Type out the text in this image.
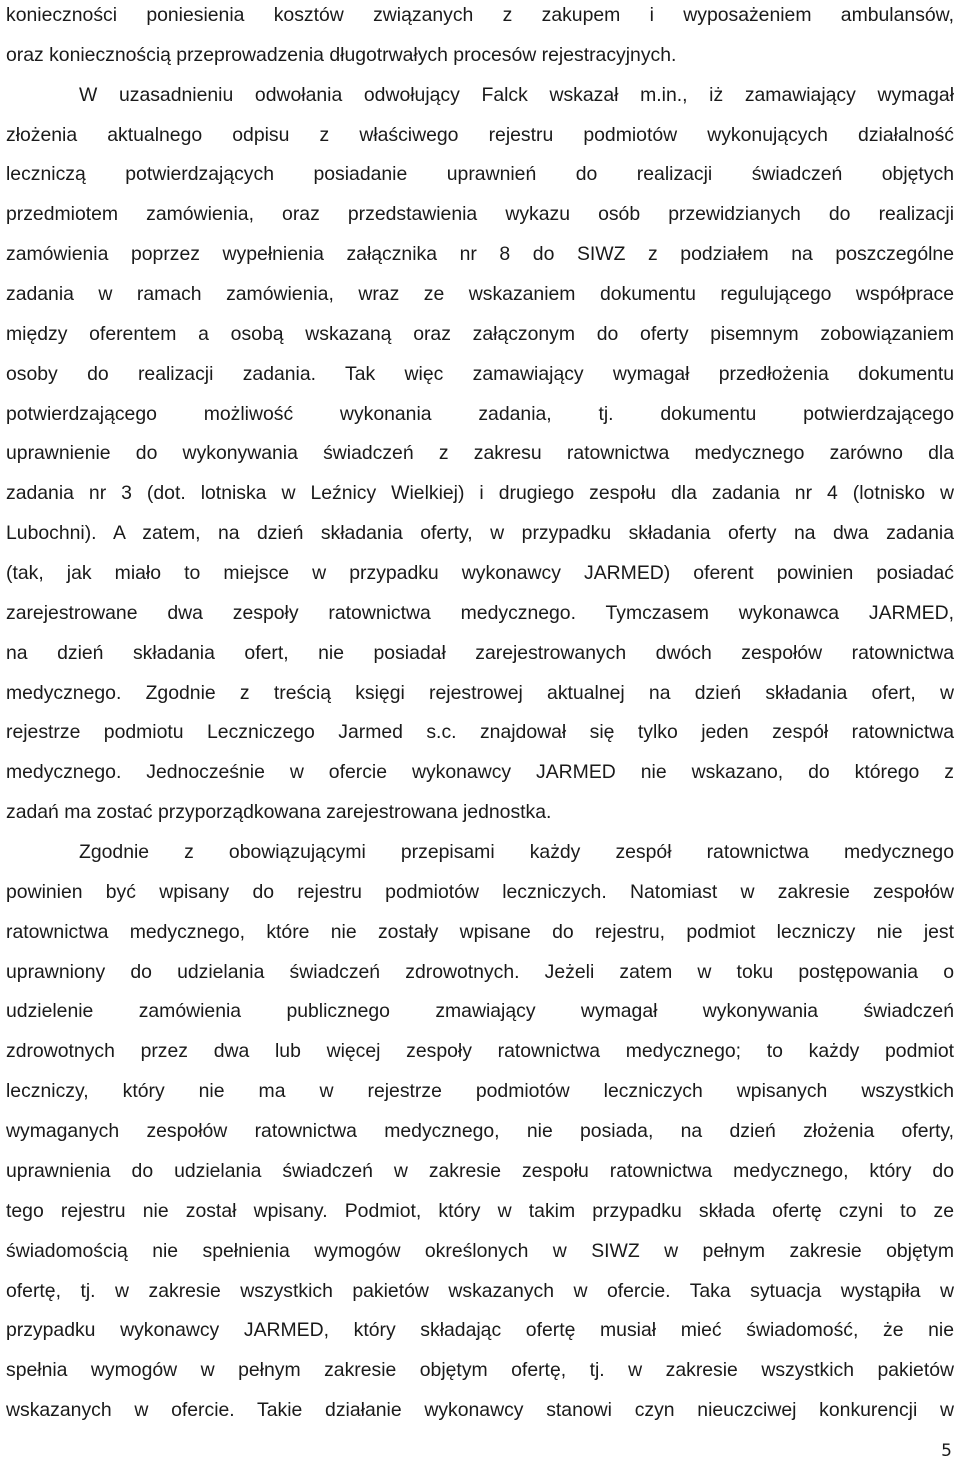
konieczności poniesienia kosztów związanych z zakupem i wyposażeniem ambulansów,
oraz koniecznością przeprowadzenia długotrwałych procesów rejestracyjnych.
W uzasadnieniu odwołania odwołujący Falck wskazał m.in., iż zamawiający wymagał
złożenia aktualnego odpisu z właściwego rejestru podmiotów wykonujących działalność
leczniczą potwierdzających posiadanie uprawnień do realizacji świadczeń objętych
przedmiotem zamówienia, oraz przedstawienia wykazu osób przewidzianych do realizacji
zamówienia poprzez wypełnienia załącznika nr 8 do SIWZ z podziałem na poszczególne
zadania w ramach zamówienia, wraz ze wskazaniem dokumentu regulującego współprace
między oferentem a osobą wskazaną oraz załączonym do oferty pisemnym zobowiązaniem
osoby do realizacji zadania. Tak więc zamawiający wymagał przedłożenia dokumentu
potwierdzającego możliwość wykonania zadania, tj. dokumentu potwierdzającego
uprawnienie do wykonywania świadczeń z zakresu ratownictwa medycznego zarówno dla
zadania nr 3 (dot. lotniska w Leźnicy Wielkiej) i drugiego zespołu dla zadania nr 4 (lotnisko w
Lubochni). A zatem, na dzień składania oferty, w przypadku składania oferty na dwa zadania
(tak, jak miało to miejsce w przypadku wykonawcy JARMED) oferent powinien posiadać
zarejestrowane dwa zespoły ratownictwa medycznego. Tymczasem wykonawca JARMED,
na dzień składania ofert, nie posiadał zarejestrowanych dwóch zespołów ratownictwa
medycznego. Zgodnie z treścią księgi rejestrowej aktualnej na dzień składania ofert, w
rejestrze podmiotu Leczniczego Jarmed s.c. znajdował się tylko jeden zespół ratownictwa
medycznego. Jednocześnie w ofercie wykonawcy JARMED nie wskazano, do którego z
zadań ma zostać przyporządkowana zarejestrowana jednostka.
Zgodnie z obowiązującymi przepisami każdy zespół ratownictwa medycznego
powinien być wpisany do rejestru podmiotów leczniczych. Natomiast w zakresie zespołów
ratownictwa medycznego, które nie zostały wpisane do rejestru, podmiot leczniczy nie jest
uprawniony do udzielania świadczeń zdrowotnych. Jeżeli zatem w toku postępowania o
udzielenie zamówienia publicznego zmawiający wymagał wykonywania świadczeń
zdrowotnych przez dwa lub więcej zespoły ratownictwa medycznego; to każdy podmiot
leczniczy, który nie ma w rejestrze podmiotów leczniczych wpisanych wszystkich
wymaganych zespołów ratownictwa medycznego, nie posiada, na dzień złożenia oferty,
uprawnienia do udzielania świadczeń w zakresie zespołu ratownictwa medycznego, który do
tego rejestru nie został wpisany. Podmiot, który w takim przypadku składa ofertę czyni to ze
świadomością nie spełnienia wymogów określonych w SIWZ w pełnym zakresie objętym
ofertę, tj. w zakresie wszystkich pakietów wskazanych w ofercie. Taka sytuacja wystąpiła w
przypadku wykonawcy JARMED, który składając ofertę musiał mieć świadomość, że nie
spełnia wymogów w pełnym zakresie objętym ofertę, tj. w zakresie wszystkich pakietów
wskazanych w ofercie. Takie działanie wykonawcy stanowi czyn nieuczciwej konkurencji w
5
